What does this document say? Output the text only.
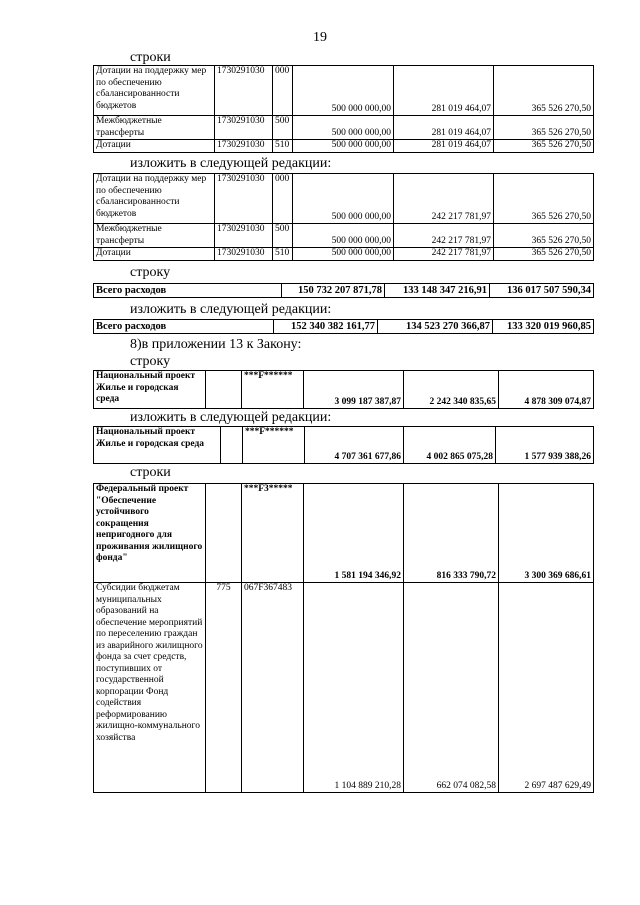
19
строки
Дотации на поддержку мер по обеспечению сбалансированности бюджетов	1730291030	000	500 000 000,00	281 019 464,07	365 526 270,50
Межбюджетные трансферты	1730291030	500	500 000 000,00	281 019 464,07	365 526 270,50
Дотации	1730291030	510	500 000 000,00	281 019 464,07	365 526 270,50
изложить в следующей редакции:
Дотации на поддержку мер по обеспечению сбалансированности бюджетов	1730291030	000	500 000 000,00	242 217 781,97	365 526 270,50
Межбюджетные трансферты	1730291030	500	500 000 000,00	242 217 781,97	365 526 270,50
Дотации	1730291030	510	500 000 000,00	242 217 781,97	365 526 270,50
строку
Всего расходов	150 732 207 871,78	133 148 347 216,91	136 017 507 590,34
изложить в следующей редакции:
Всего расходов	152 340 382 161,77	134 523 270 366,87	133 320 019 960,85
8)в приложении 13 к Закону:
строку
Национальный проект Жилье и городская среда		***F******	3 099 187 387,87	2 242 340 835,65	4 878 309 074,87
изложить в следующей редакции:
Национальный проект Жилье и городская среда		***F******	4 707 361 677,86	4 002 865 075,28	1 577 939 388,26
строки
Федеральный проект "Обеспечение устойчивого сокращения непригодного для проживания жилищного фонда"		***F3*****	1 581 194 346,92	816 333 790,72	3 300 369 686,61
Субсидии бюджетам муниципальных образований на обеспечение мероприятий по переселению граждан из аварийного жилищного фонда за счет средств, поступивших от государственной корпорации Фонд содействия реформированию жилищно-коммунального хозяйства	775	067F367483	1 104 889 210,28	662 074 082,58	2 697 487 629,49
